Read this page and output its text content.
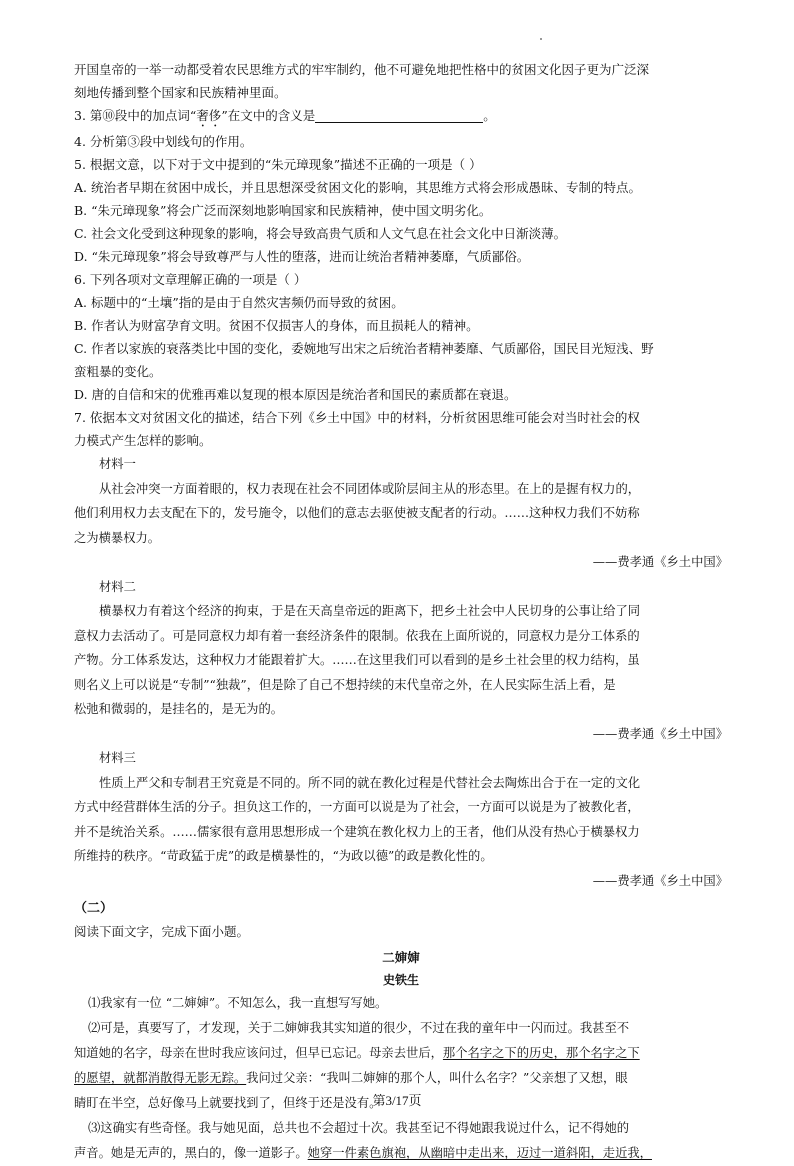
开国皇帝的一举一动都受着农民思维方式的牢牢制约，他不可避免地把性格中的贫困文化因子更为广泛深
刻地传播到整个国家和民族精神里面。
3. 第⑩段中的加点词“奢侈”在文中的含义是	。
4. 分析第③段中划线句的作用。
5. 根据文意，以下对于文中提到的“朱元璋现象”描述不正确的一项是（ ）
A. 统治者早期在贫困中成长，并且思想深受贫困文化的影响，其思维方式将会形成愚昧、专制的特点。
B. “朱元璋现象”将会广泛而深刻地影响国家和民族精神，使中国文明劣化。
C. 社会文化受到这种现象的影响，将会导致高贵气质和人文气息在社会文化中日渐淡薄。
D. “朱元璋现象”将会导致尊严与人性的堕落，进而让统治者精神萎靡，气质鄙俗。
6. 下列各项对文章理解正确的一项是（ ）
A. 标题中的“土壤”指的是由于自然灾害频仍而导致的贫困。
B. 作者认为财富孕育文明。贫困不仅损害人的身体，而且损耗人的精神。
C. 作者以家族的衰落类比中国的变化，委婉地写出宋之后统治者精神萎靡、气质鄙俗，国民目光短浅、野
蛮粗暴的变化。
D. 唐的自信和宋的优雅再难以复现的根本原因是统治者和国民的素质都在衰退。
7. 依据本文对贫困文化的描述，结合下列《乡土中国》中的材料，分析贫困思维可能会对当时社会的权
力模式产生怎样的影响。
材料一
从社会冲突一方面着眼的，权力表现在社会不同团体或阶层间主从的形态里。在上的是握有权力的，
他们利用权力去支配在下的，发号施令，以他们的意志去驱使被支配者的行动。……这种权力我们不妨称
之为横暴权力。
——费孝通《乡土中国》
材料二
横暴权力有着这个经济的拘束，于是在天高皇帝远的距离下，把乡土社会中人民切身的公事让给了同
意权力去活动了。可是同意权力却有着一套经济条件的限制。依我在上面所说的，同意权力是分工体系的
产物。分工体系发达，这种权力才能跟着扩大。……在这里我们可以看到的是乡土社会里的权力结构，虽
则名义上可以说是“专制”“独裁”，但是除了自己不想持续的末代皇帝之外，在人民实际生活上看，是
松弛和微弱的，是挂名的，是无为的。
——费孝通《乡土中国》
材料三
性质上严父和专制君王究竟是不同的。所不同的就在教化过程是代替社会去陶炼出合于在一定的文化
方式中经营群体生活的分子。担负这工作的，一方面可以说是为了社会，一方面可以说是为了被教化者，
并不是统治关系。……儒家很有意用思想形成一个建筑在教化权力上的王者，他们从没有热心于横暴权力
所维持的秩序。“苛政猛于虎”的政是横暴性的，“为政以德”的政是教化性的。
——费孝通《乡土中国》
（二）
阅读下面文字，完成下面小题。
二婶婶
史铁生
⑴我家有一位 “二婶婶”。不知怎么，我一直想写写她。
⑵可是，真要写了，才发现，关于二婶婶我其实知道的很少，不过在我的童年中一闪而过。我甚至不
知道她的名字，母亲在世时我应该问过，但早已忘记。母亲去世后，那个名字之下的历史，那个名字之下
的愿望，就都消散得无影无踪。我问过父亲：“我叫二婶婶的那个人，叫什么名字？”父亲想了又想，眼
睛盯在半空，总好像马上就要找到了，但终于还是没有。
⑶这确实有些奇怪。我与她见面，总共也不会超过十次。我甚至记不得她跟我说过什么，记不得她的
声音。她是无声的，黑白的，像一道影子。她穿一件素色旗袍，从幽暗中走出来，迈过一道斜阳，走近我，
第3/17页
